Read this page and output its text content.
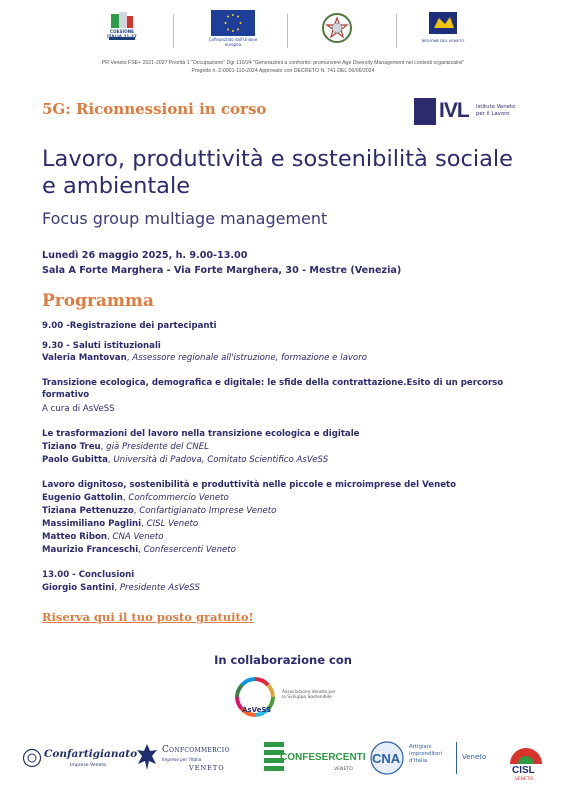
COESIONE ITALIA 21-27
Cofinanziato dall'Unione europea
REGIONE DEL VENETO
PR Veneto FSE+ 2021-2027 Priorità 1 "Occupazione" Dgr 110/24 "Generazioni a confronto: promuovere Age Diversity Management nei contesti organizzativi"
Progetto n. 2-0001-110-2024 Approvato con DECRETO N. 741 DEL 06/06/2024
5G: Riconnessioni in corso	IVL Istituto Veneto per il Lavoro
Lavoro, produttività e sostenibilità sociale e ambientale
Focus group multiage management
Lunedì 26 maggio 2025, h. 9.00-13.00
Sala A Forte Marghera - Via Forte Marghera, 30 - Mestre (Venezia)
Programma
9.00 -Registrazione dei partecipanti
9.30 - Saluti istituzionali
Valeria Mantovan, Assessore regionale all'istruzione, formazione e lavoro
Transizione ecologica, demografica e digitale: le sfide della contrattazione.Esito di un percorso
formativo
A cura di AsVeSS
Le trasformazioni del lavoro nella transizione ecologica e digitale
Tiziano Treu, già Presidente del CNEL
Paolo Gubitta, Università di Padova, Comitato Scientifico AsVeSS
Lavoro dignitoso, sostenibilità e produttività nelle piccole e microimprese del Veneto
Eugenio Gattolin, Confcommercio Veneto
Tiziana Pettenuzzo, Confartigianato Imprese Veneto
Massimiliano Paglini, CISL Veneto
Matteo Ribon, CNA Veneto
Maurizio Franceschi, Confesercenti Veneto
13.00 - Conclusioni
Giorgio Santini, Presidente AsVeSS
Riserva qui il tuo posto gratuito!
In collaborazione con
AsVeSS
Associazione Veneta per lo Sviluppo Sostenibile
Confartigianato
Imprese Veneto
Confcommercio
Imprese per l'Italia
VENETO
CONFESERCENTI
VENETO
CNA
Artigiani Imprenditori d'Italia	Veneto
CISL
VENETO
